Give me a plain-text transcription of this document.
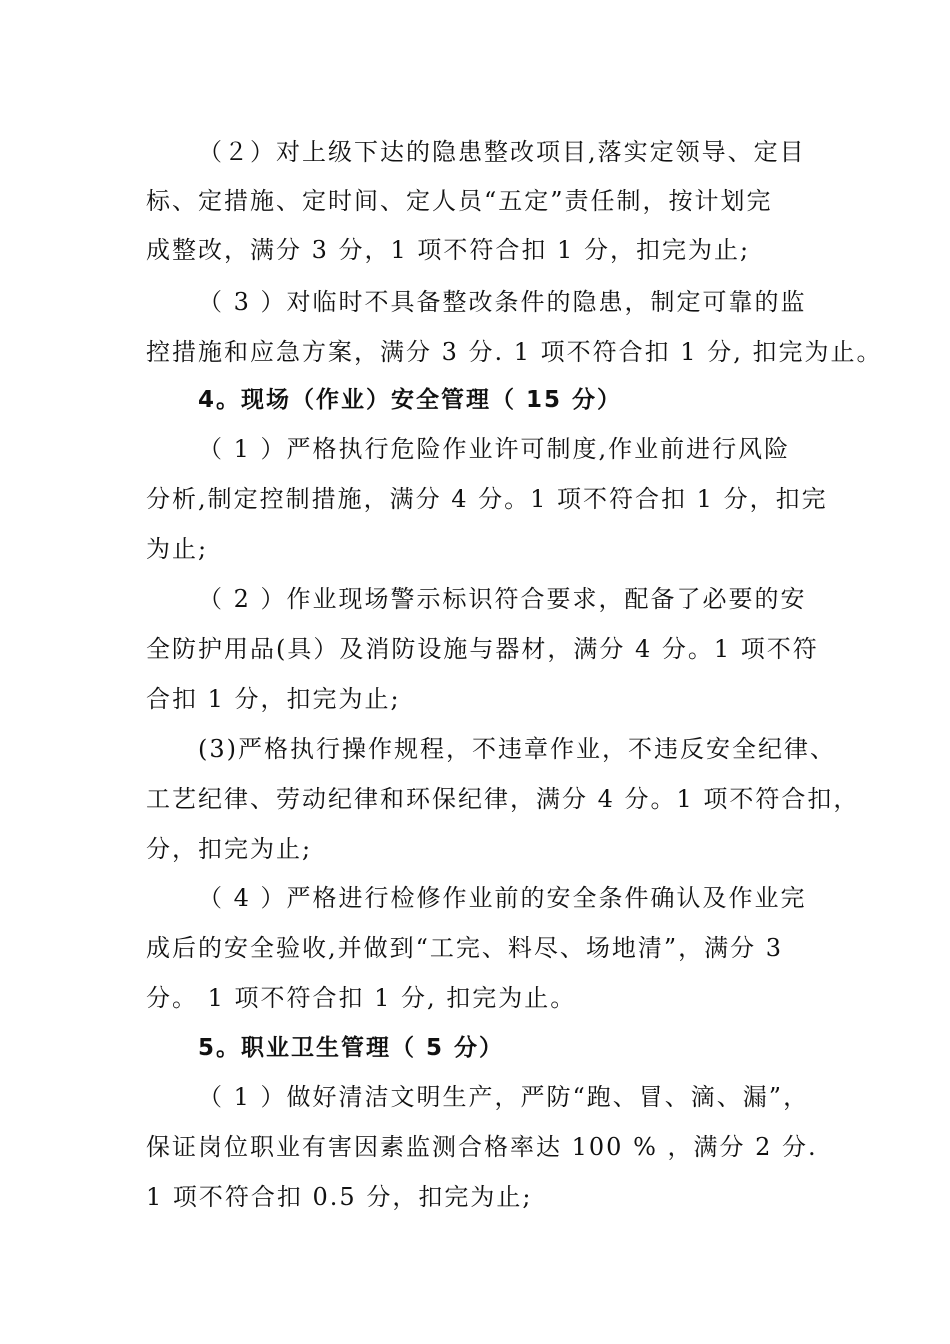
（２）对上级下达的隐患整改项目,落实定领导、定目
标、定措施、定时间、定人员“五定”责任制，按计划完
成整改，满分 3 分，1 项不符合扣 1 分，扣完为止;
（ 3 ）对临时不具备整改条件的隐患，制定可靠的监
控措施和应急方案，满分 3 分. 1 项不符合扣 1 分, 扣完为止。
4。现场（作业）安全管理（ 15 分）
（ 1 ）严格执行危险作业许可制度,作业前进行风险
分析,制定控制措施，满分 4 分。1 项不符合扣 1 分，扣完
为止;
（ 2 ）作业现场警示标识符合要求，配备了必要的安
全防护用品(具）及消防设施与器材，满分 4 分。1 项不符
合扣 1 分，扣完为止;
(3)严格执行操作规程，不违章作业，不违反安全纪律、
工艺纪律、劳动纪律和环保纪律，满分 4 分。1 项不符合扣，
分，扣完为止;
（ 4 ）严格进行检修作业前的安全条件确认及作业完
成后的安全验收,并做到“工完、料尽、场地清”，满分 3
分。 1 项不符合扣 1 分, 扣完为止。
5。职业卫生管理（ 5 分）
（ 1 ）做好清洁文明生产，严防“跑、冒、滴、漏”，
保证岗位职业有害因素监测合格率达 100 % ，满分 2 分.
1 项不符合扣 0.5 分，扣完为止;
